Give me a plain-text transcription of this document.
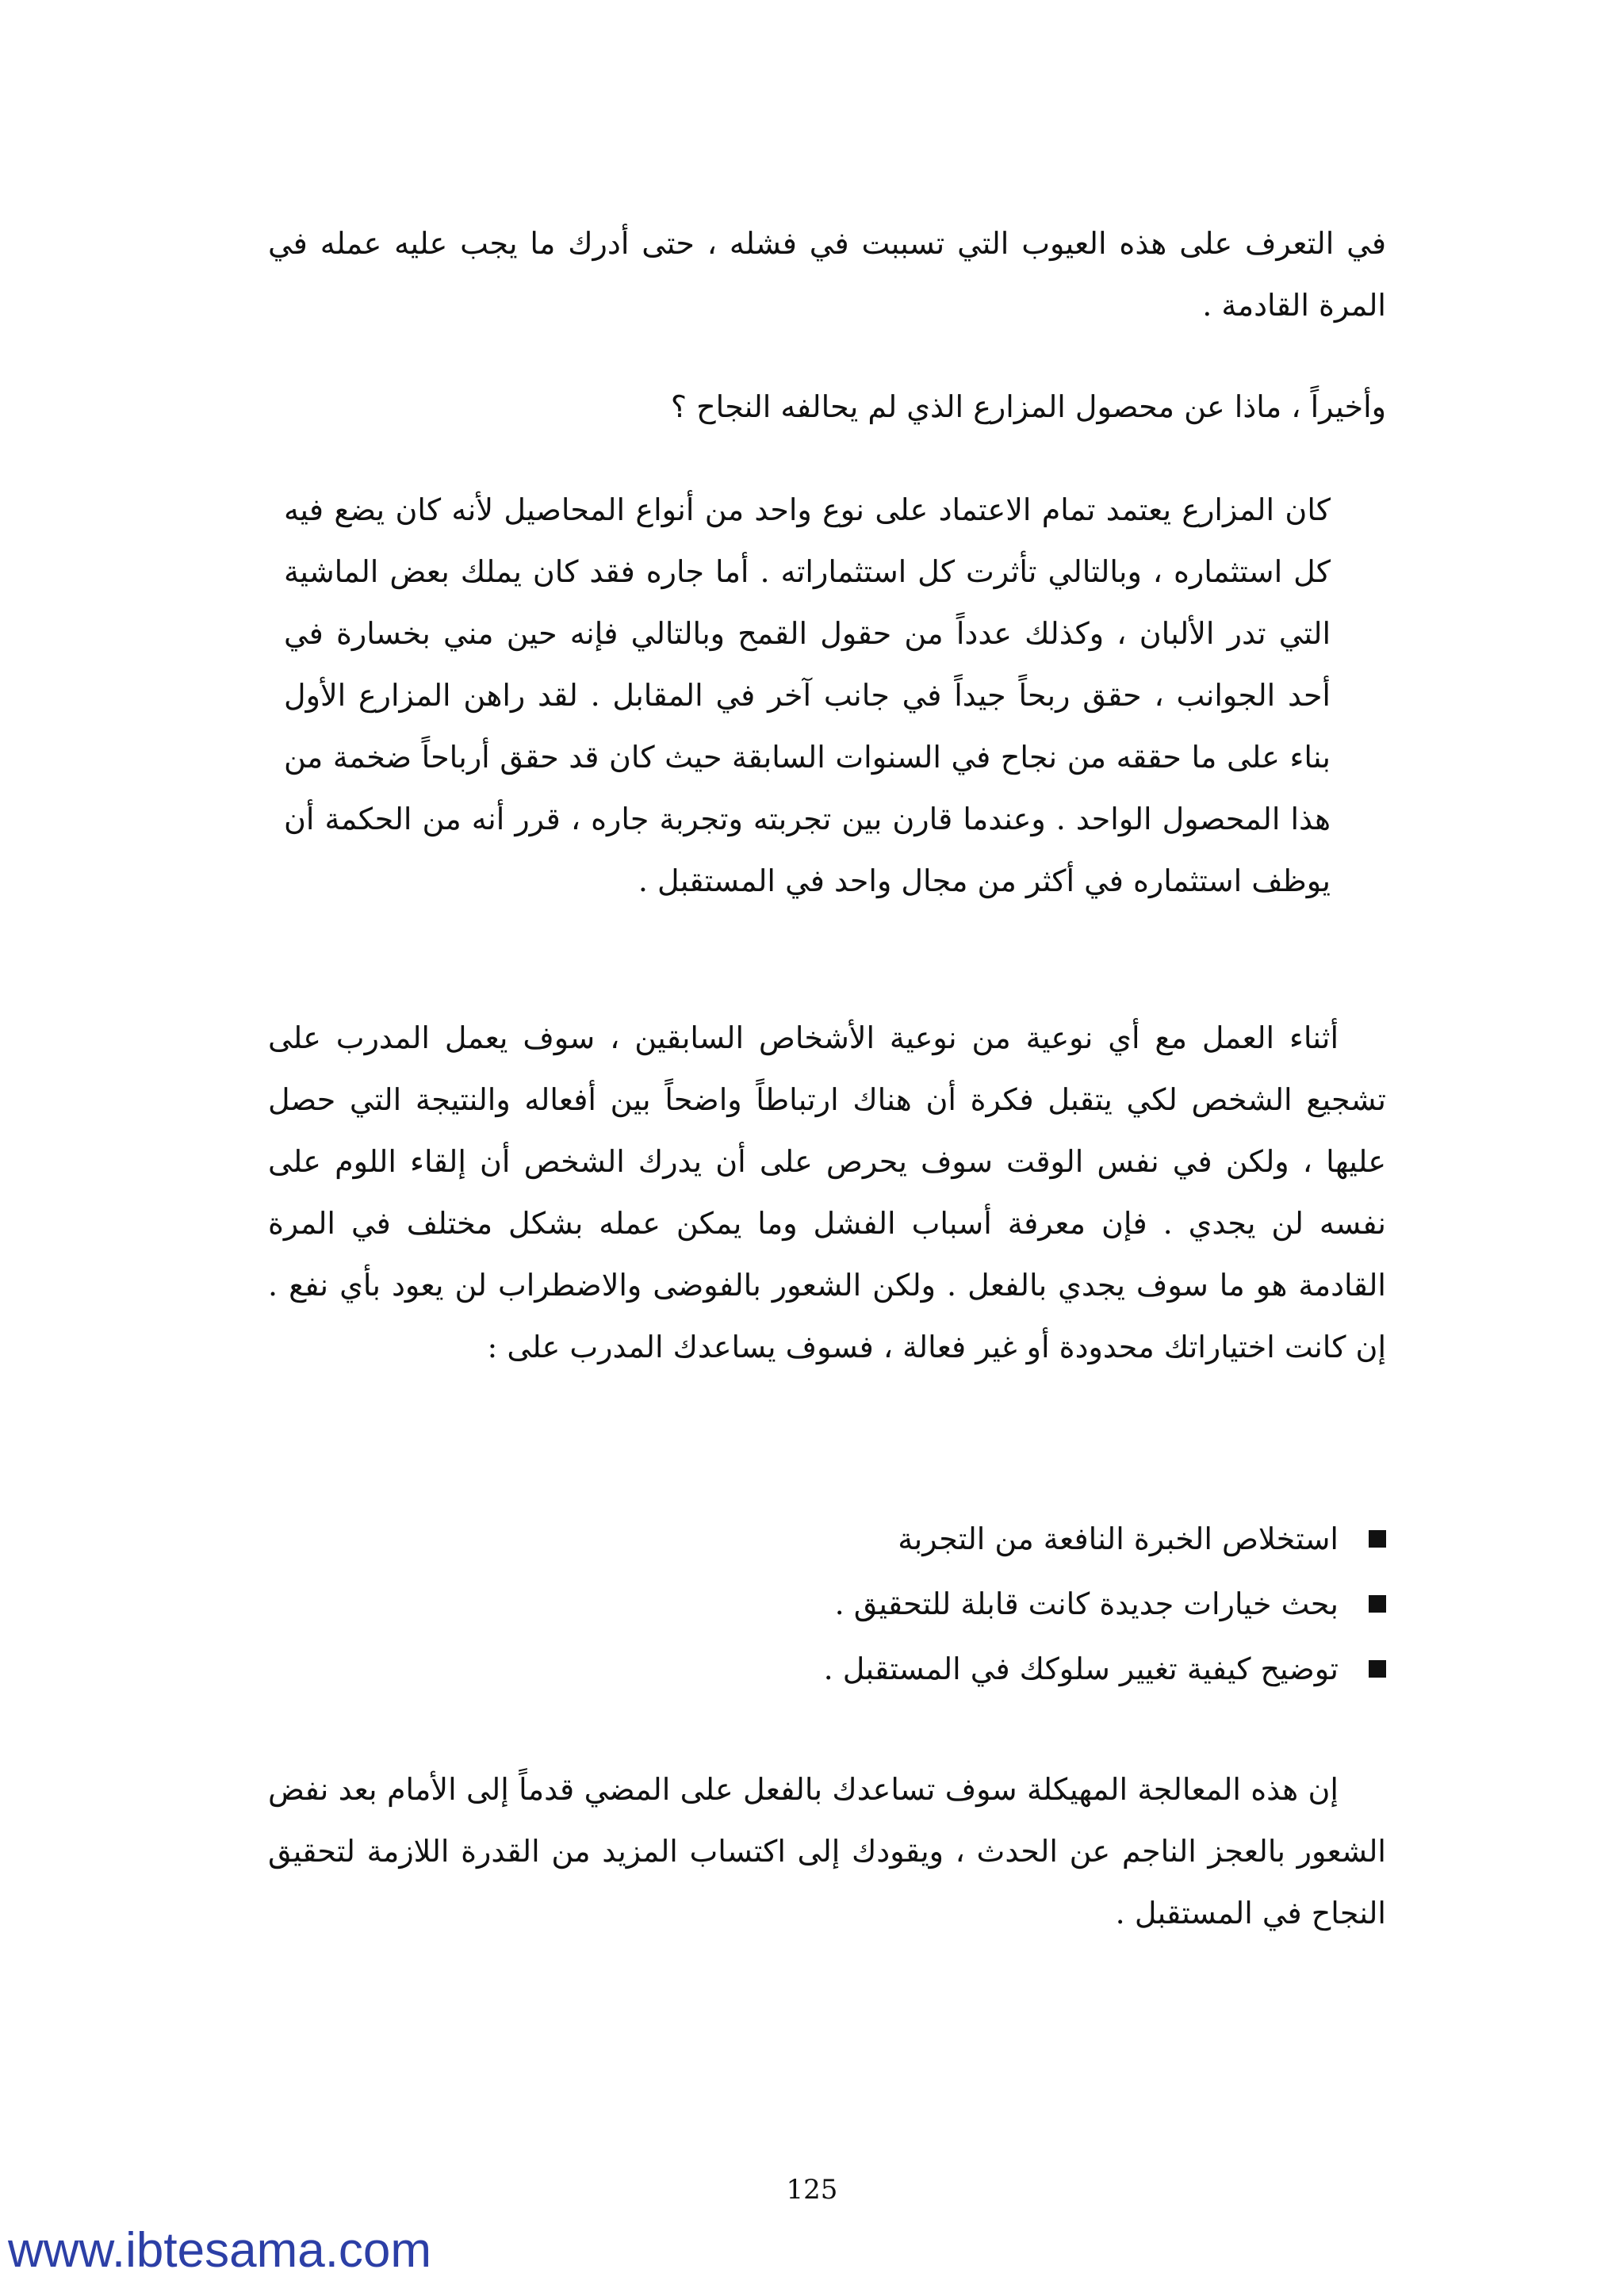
في التعرف على هذه العيوب التي تسببت في فشله ، حتى أدرك ما يجب عليه عمله في المرة القادمة .

وأخيراً ، ماذا عن محصول المزارع الذي لم يحالفه النجاح ؟

كان المزارع يعتمد تمام الاعتماد على نوع واحد من أنواع المحاصيل لأنه كان يضع فيه كل استثماره ، وبالتالي تأثرت كل استثماراته . أما جاره فقد كان يملك بعض الماشية التي تدر الألبان ، وكذلك عدداً من حقول القمح وبالتالي فإنه حين مني بخسارة في أحد الجوانب ، حقق ربحاً جيداً في جانب آخر في المقابل . لقد راهن المزارع الأول بناء على ما حققه من نجاح في السنوات السابقة حيث كان قد حقق أرباحاً ضخمة من هذا المحصول الواحد . وعندما قارن بين تجربته وتجربة جاره ، قرر أنه من الحكمة أن يوظف استثماره في أكثر من مجال واحد في المستقبل .

أثناء العمل مع أي نوعية من نوعية الأشخاص السابقين ، سوف يعمل المدرب على تشجيع الشخص لكي يتقبل فكرة أن هناك ارتباطاً واضحاً بين أفعاله والنتيجة التي حصل عليها ، ولكن في نفس الوقت سوف يحرص على أن يدرك الشخص أن إلقاء اللوم على نفسه لن يجدي . فإن معرفة أسباب الفشل وما يمكن عمله بشكل مختلف في المرة القادمة هو ما سوف يجدي بالفعل . ولكن الشعور بالفوضى والاضطراب لن يعود بأي نفع . إن كانت اختياراتك محدودة أو غير فعالة ، فسوف يساعدك المدرب على :

استخلاص الخبرة النافعة من التجربة
بحث خيارات جديدة كانت قابلة للتحقيق .
توضيح كيفية تغيير سلوكك في المستقبل .

إن هذه المعالجة المهيكلة سوف تساعدك بالفعل على المضي قدماً إلى الأمام بعد نفض الشعور بالعجز الناجم عن الحدث ، ويقودك إلى اكتساب المزيد من القدرة اللازمة لتحقيق النجاح في المستقبل .

125
www.ibtesama.com
